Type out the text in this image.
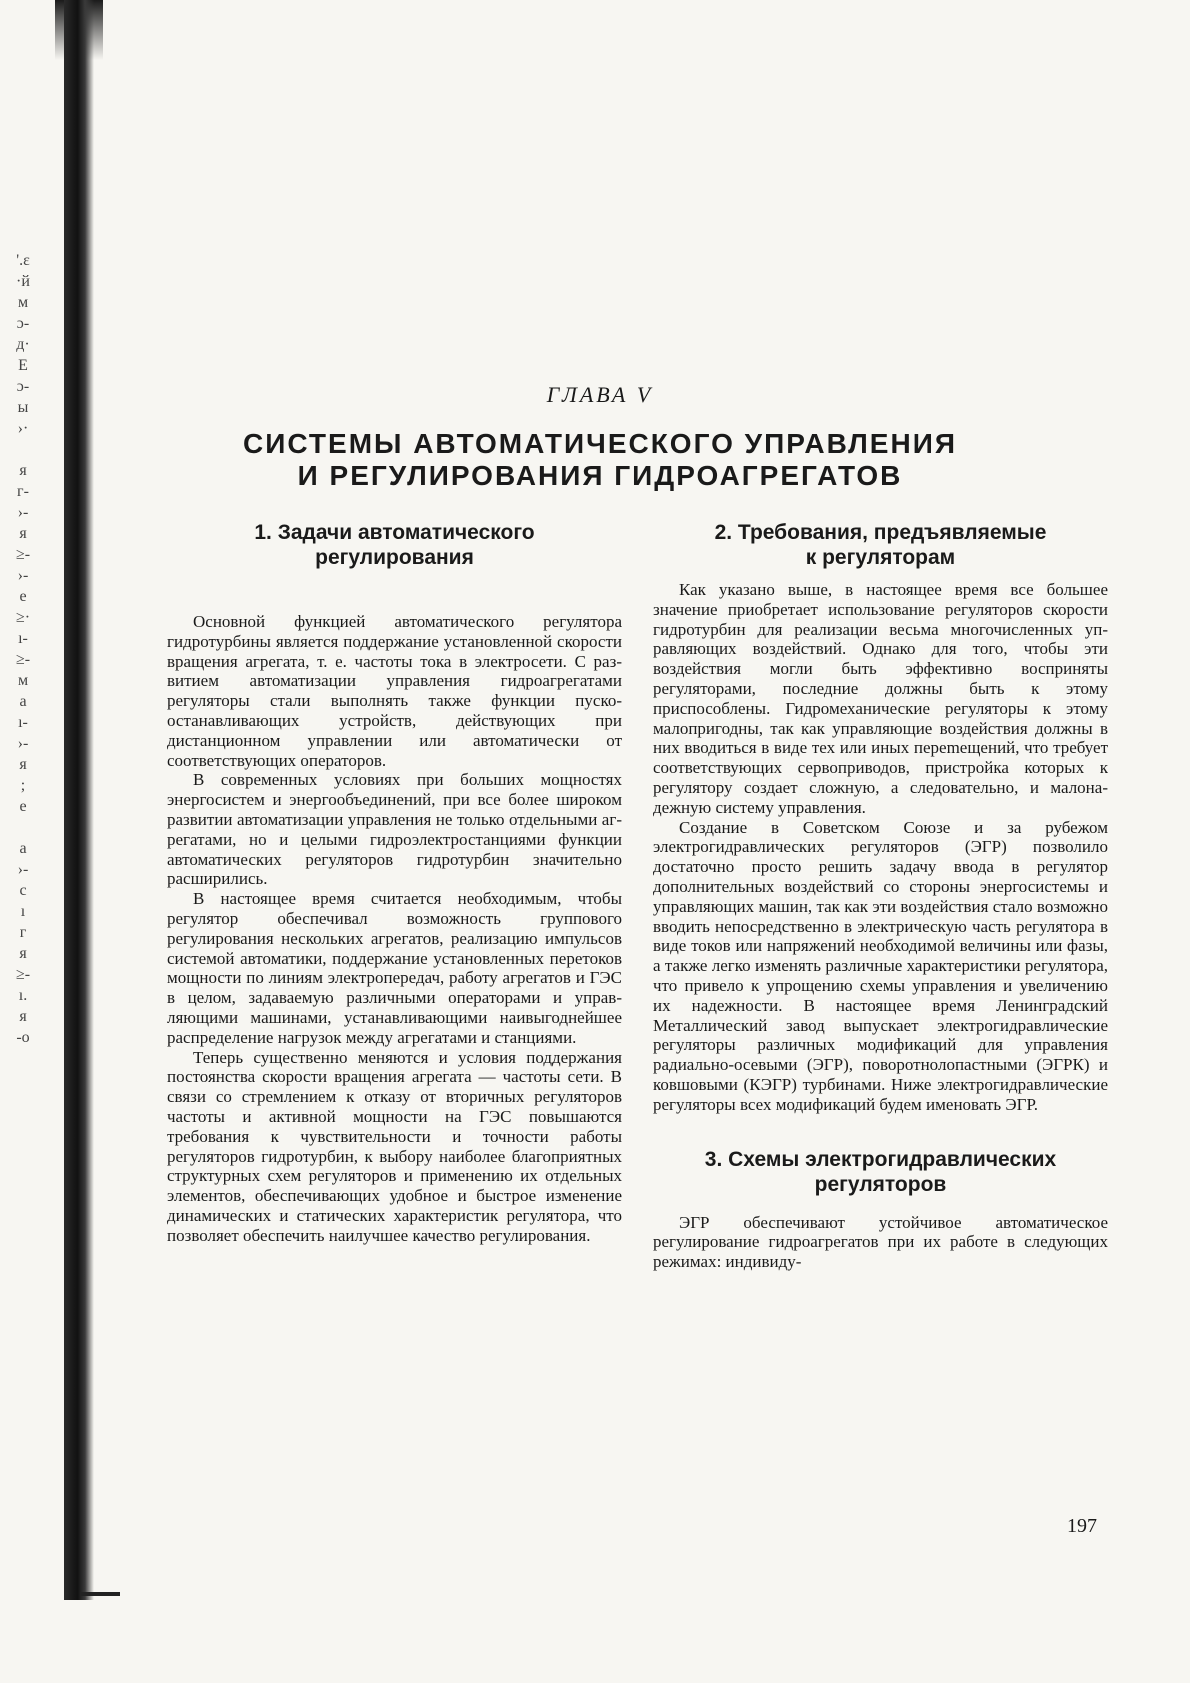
'.ε
·й
м
ɔ-
д·
E
ɔ-
ы
›·
я
г-
›-
я
≥-
›-
е
≥·
ı-
≥-
м
а
ı-
›-
я
;
е
а
›-
с
ı
г
я
≥-
ı.
я
-о
ГЛАВА V
СИСТЕМЫ АВТОМАТИЧЕСКОГО УПРАВЛЕНИЯ
И РЕГУЛИРОВАНИЯ ГИДРОАГРЕГАТОВ
1. Задачи автоматического
регулирования

Основной функцией автоматического регулятора гидротурбины является поддержание установленной скорости вращения агрегата, т. е. частоты тока в электросети. С развитием автоматизации управления гидроагрегатами регуляторы стали выполнять также функции пуско-останавливающих устройств, действующих при дистанционном управлении или автоматически от соответствующих операторов.

В современных условиях при больших мощностях энергосистем и энергообъединений, при все более широком развитии автоматизации управления не только отдельными агрегатами, но и целыми гидроэлектростанциями функции автоматических регуляторов гидротурбин значительно расширились.

В настоящее время считается необходимым, чтобы регулятор обеспечивал возможность группового регулирования нескольких агрегатов, реализацию импульсов системой автоматики, поддержание установленных перетоков мощности по линиям электропередач, работу агрегатов и ГЭС в целом, задаваемую различными операторами и управляющими машинами, устанавливающими наивыгоднейшее распределение нагрузок между агрегатами и станциями.

Теперь существенно меняются и условия поддержания постоянства скорости вращения агрегата — частоты сети. В связи со стремлением к отказу от вторичных регуляторов частоты и активной мощности на ГЭС повышаются требования к чувствительности и точности работы регуляторов гидротурбин, к выбору наиболее благоприятных структурных схем регуляторов и применению их отдельных элементов, обеспечивающих удобное и быстрое изменение динамических и статических характеристик регулятора, что позволяет обеспечить наилучшее качество регулирования.

2. Требования, предъявляемые
к регуляторам

Как указано выше, в настоящее время все большее значение приобретает использование регуляторов скорости гидротурбин для реализации весьма многочисленных управляющих воздействий. Однако для того, чтобы эти воздействия могли быть эффективно восприняты регуляторами, последние должны быть к этому приспособлены. Гидромеханические регуляторы к этому малопригодны, так как управляющие воздействия должны в них вводиться в виде тех или иных переmещений, что требует соответствующих сервоприводов, пристройка которых к регулятору создает сложную, а следовательно, и малонадежную систему управления.

Создание в Советском Союзе и за рубежом электрогидравлических регуляторов (ЭГР) позволило достаточно просто решить задачу ввода в регулятор дополнительных воздействий со стороны энергосистемы и управляющих машин, так как эти воздействия стало возможно вводить непосредственно в электрическую часть регулятора в виде токов или напряжений необходимой величины или фазы, а также легко изменять различные характеристики регулятора, что привело к упрощению схемы управления и увеличению их надежности. В настоящее время Ленинградский Металлический завод выпускает электрогидравлические регуляторы различных модификаций для управления радиально-осевыми (ЭГР), поворотнолопастными (ЭГРК) и ковшовыми (КЭГР) турбинами. Ниже электрогидравлические регуляторы всех модификаций будем именовать ЭГР.

3. Схемы электрогидравлических
регуляторов

ЭГР обеспечивают устойчивое автоматическое регулирование гидроагрегатов при их работе в следующих режимах: индивиду-

197
